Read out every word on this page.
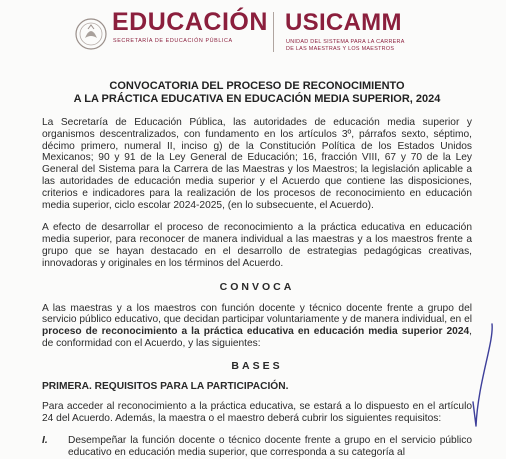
EDUCACIÓN
SECRETARÍA DE EDUCACIÓN PÚBLICA
USICAMM
UNIDAD DEL SISTEMA PARA LA CARRERA DE LAS MAESTRAS Y LOS MAESTROS
CONVOCATORIA DEL PROCESO DE RECONOCIMIENTO
A LA PRÁCTICA EDUCATIVA EN EDUCACIÓN MEDIA SUPERIOR, 2024

La Secretaría de Educación Pública, las autoridades de educación media superior y organismos descentralizados, con fundamento en los artículos 3º, párrafos sexto, séptimo, décimo primero, numeral II, inciso g) de la Constitución Política de los Estados Unidos Mexicanos; 90 y 91 de la Ley General de Educación; 16, fracción VIII, 67 y 70 de la Ley General del Sistema para la Carrera de las Maestras y los Maestros; la legislación aplicable a las autoridades de educación media superior y el Acuerdo que contiene las disposiciones, criterios e indicadores para la realización de los procesos de reconocimiento en educación media superior, ciclo escolar 2024-2025, (en lo subsecuente, el Acuerdo).

A efecto de desarrollar el proceso de reconocimiento a la práctica educativa en educación media superior, para reconocer de manera individual a las maestras y a los maestros frente a grupo que se hayan destacado en el desarrollo de estrategias pedagógicas creativas, innovadoras y originales en los términos del Acuerdo.

CONVOCA

A las maestras y a los maestros con función docente y técnico docente frente a grupo del servicio público educativo, que decidan participar voluntariamente y de manera individual, en el proceso de reconocimiento a la práctica educativa en educación media superior 2024, de conformidad con el Acuerdo, y las siguientes:

BASES
PRIMERA. REQUISITOS PARA LA PARTICIPACIÓN.

Para acceder al reconocimiento a la práctica educativa, se estará a lo dispuesto en el artículo 24 del Acuerdo. Además, la maestra o el maestro deberá cubrir los siguientes requisitos:

I.	Desempeñar la función docente o técnico docente frente a grupo en el servicio público educativo en educación media superior, que corresponda a su categoría al
